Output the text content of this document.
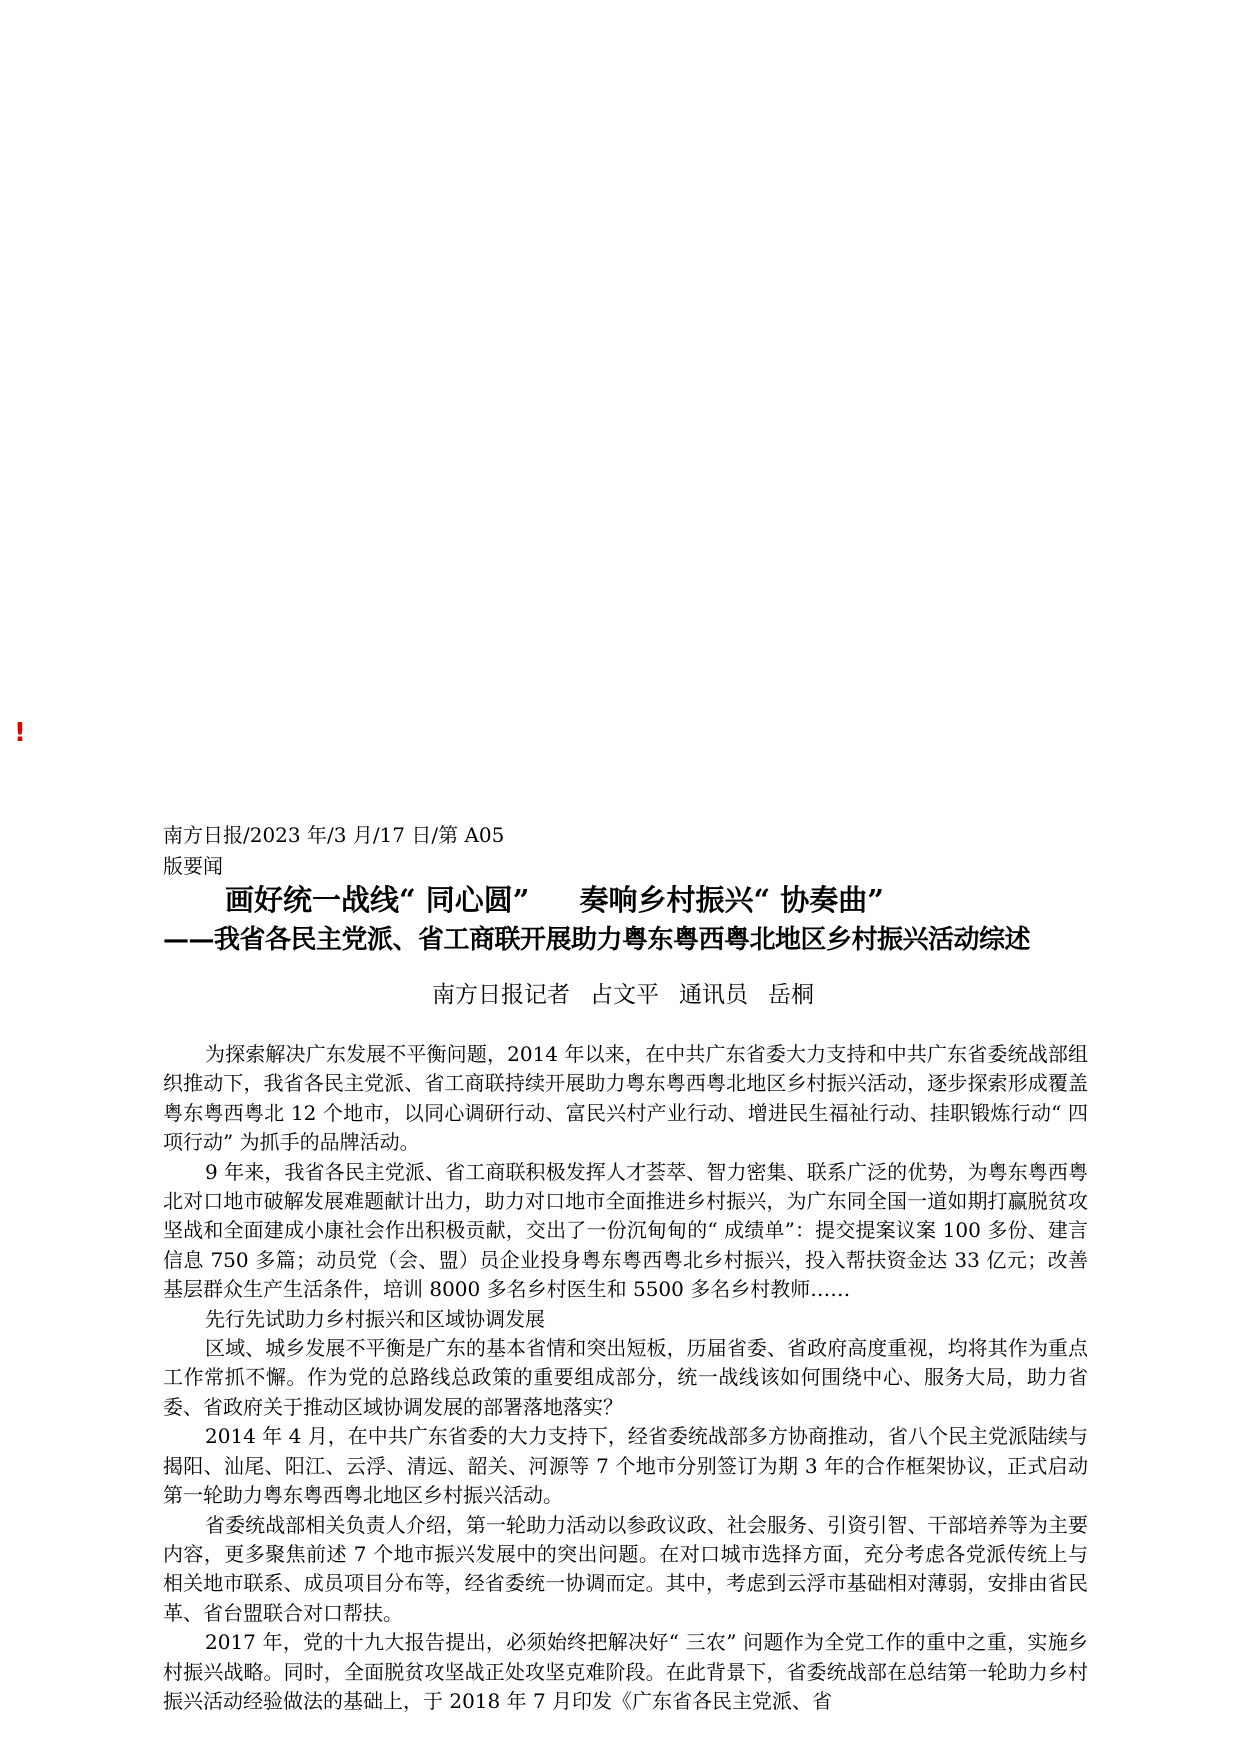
!
南方日报/2023 年/3 月/17 日/第 A05
版要闻
画好统一战线“ 同心圆” 奏响乡村振兴“ 协奏曲”
——我省各民主党派、省工商联开展助力粤东粤西粤北地区乡村振兴活动综述
南方日报记者 占文平 通讯员 岳桐

为探索解决广东发展不平衡问题，2014 年以来，在中共广东省委大力支持和中共广东省委统战部组织推动下，我省各民主党派、省工商联持续开展助力粤东粤西粤北地区乡村振兴活动，逐步探索形成覆盖粤东粤西粤北 12 个地市，以同心调研行动、富民兴村产业行动、增进民生福祉行动、挂职锻炼行动“ 四项行动” 为抓手的品牌活动。

9 年来，我省各民主党派、省工商联积极发挥人才荟萃、智力密集、联系广泛的优势，为粤东粤西粤北对口地市破解发展难题献计出力，助力对口地市全面推进乡村振兴，为广东同全国一道如期打赢脱贫攻坚战和全面建成小康社会作出积极贡献，交出了一份沉甸甸的“ 成绩单”：提交提案议案 100 多份、建言信息 750 多篇；动员党（会、盟）员企业投身粤东粤西粤北乡村振兴，投入帮扶资金达 33 亿元；改善基层群众生产生活条件，培训 8000 多名乡村医生和 5500 多名乡村教师……

先行先试助力乡村振兴和区域协调发展

区域、城乡发展不平衡是广东的基本省情和突出短板，历届省委、省政府高度重视，均将其作为重点工作常抓不懈。作为党的总路线总政策的重要组成部分，统一战线该如何围绕中心、服务大局，助力省委、省政府关于推动区域协调发展的部署落地落实？

2014 年 4 月，在中共广东省委的大力支持下，经省委统战部多方协商推动，省八个民主党派陆续与揭阳、汕尾、阳江、云浮、清远、韶关、河源等 7 个地市分别签订为期 3 年的合作框架协议，正式启动第一轮助力粤东粤西粤北地区乡村振兴活动。

省委统战部相关负责人介绍，第一轮助力活动以参政议政、社会服务、引资引智、干部培养等为主要内容，更多聚焦前述 7 个地市振兴发展中的突出问题。在对口城市选择方面，充分考虑各党派传统上与相关地市联系、成员项目分布等，经省委统一协调而定。其中，考虑到云浮市基础相对薄弱，安排由省民革、省台盟联合对口帮扶。

2017 年，党的十九大报告提出，必须始终把解决好“ 三农” 问题作为全党工作的重中之重，实施乡村振兴战略。同时，全面脱贫攻坚战正处攻坚克难阶段。在此背景下，省委统战部在总结第一轮助力乡村振兴活动经验做法的基础上，于 2018 年 7 月印发《广东省各民主党派、省
